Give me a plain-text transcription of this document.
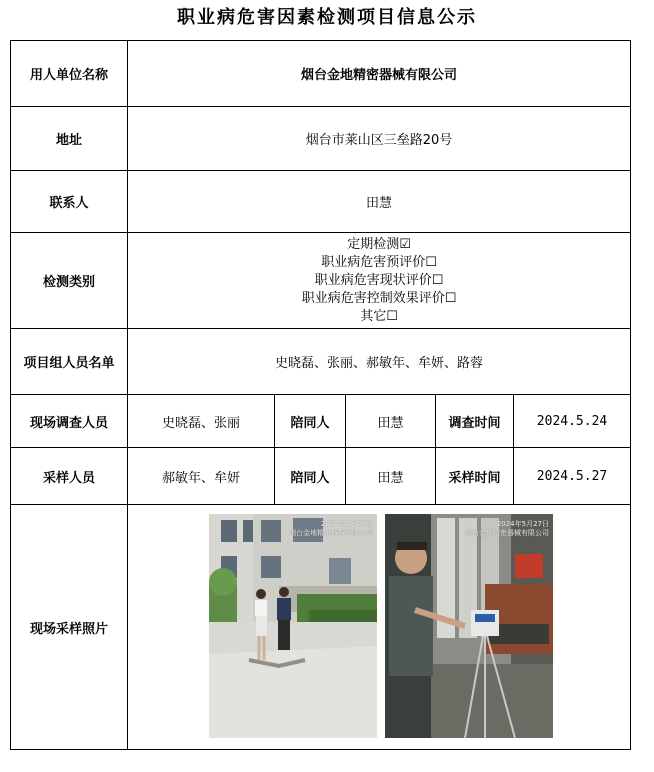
职业病危害因素检测项目信息公示
用人单位名称	烟台金地精密器械有限公司				
地址	烟台市莱山区三垒路20号				
联系人	田慧				
检测类别	定期检测☑
职业病危害预评价☐
职业病危害现状评价☐
职业病危害控制效果评价☐
其它☐				

项目组人员名单	史晓磊、张丽、郝敏年、牟妍、路蓉				
现场调查人员	史晓磊、张丽	陪同人	田慧	调查时间	2024.5.24
采样人员	郝敏年、牟妍	陪同人	田慧	采样时间	2024.5.27
现场采样照片	2024年5月27日
烟台金地精密器械有限公司
2024年5月27日
烟台金地精密器械有限公司				
